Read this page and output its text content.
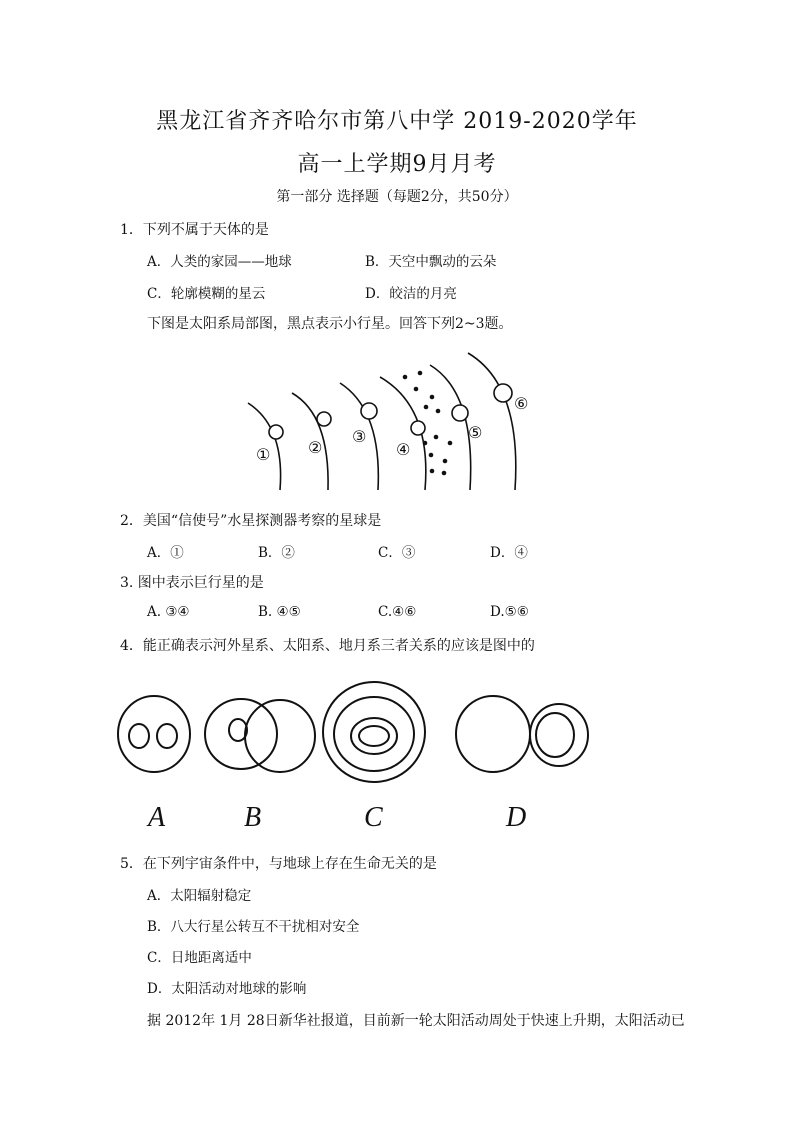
黑龙江省齐齐哈尔市第八中学 2019-2020学年
高一上学期9月月考
第一部分 选择题（每题2分，共50分）
1．下列不属于天体的是
A．人类的家园——地球	B．天空中飘动的云朵
C．轮廓模糊的星云	D．皎洁的月亮
下图是太阳系局部图，黑点表示小行星。回答下列2~3题。
① ②
③
④
⑤
⑥
2．美国“信使号”水星探测器考察的星球是
A．①	B．②	C．③	D．④
3. 图中表示巨行星的是
A. ③④	B. ④⑤	C.④⑥	D.⑤⑥
4．能正确表示河外星系、太阳系、地月系三者关系的应该是图中的
A	B	C	D
5．在下列宇宙条件中，与地球上存在生命无关的是
A．太阳辐射稳定
B．八大行星公转互不干扰相对安全
C．日地距离适中
D．太阳活动对地球的影响
据 2012年 1月 28日新华社报道，目前新一轮太阳活动周处于快速上升期，太阳活动已
